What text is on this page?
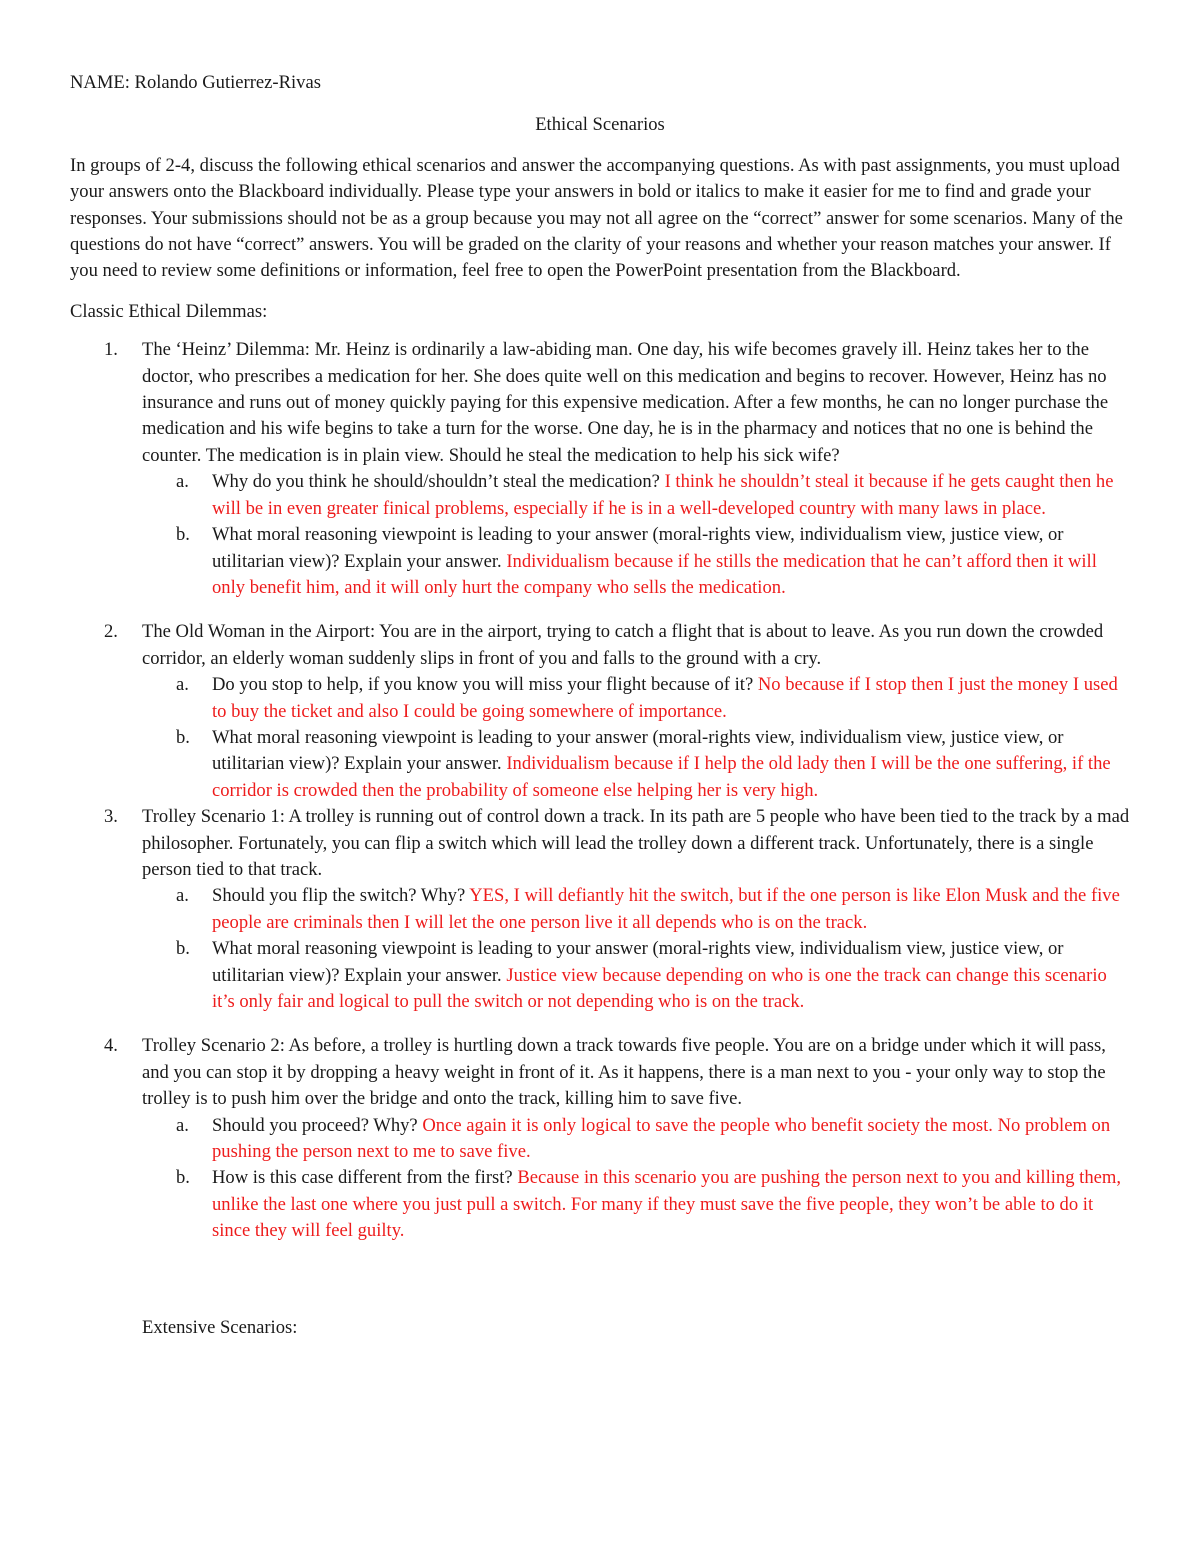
NAME: Rolando Gutierrez-Rivas

Ethical Scenarios

In groups of 2-4, discuss the following ethical scenarios and answer the accompanying questions. As with past assignments, you must upload your answers onto the Blackboard individually. Please type your answers in bold or italics to make it easier for me to find and grade your responses. Your submissions should not be as a group because you may not all agree on the “correct” answer for some scenarios. Many of the questions do not have “correct” answers. You will be graded on the clarity of your reasons and whether your reason matches your answer. If you need to review some definitions or information, feel free to open the PowerPoint presentation from the Blackboard.

Classic Ethical Dilemmas:

1. The ‘Heinz’ Dilemma: Mr. Heinz is ordinarily a law-abiding man. One day, his wife becomes gravely ill. Heinz takes her to the doctor, who prescribes a medication for her. She does quite well on this medication and begins to recover. However, Heinz has no insurance and runs out of money quickly paying for this expensive medication. After a few months, he can no longer purchase the medication and his wife begins to take a turn for the worse. One day, he is in the pharmacy and notices that no one is behind the counter. The medication is in plain view. Should he steal the medication to help his sick wife?
a. Why do you think he should/shouldn’t steal the medication? I think he shouldn’t steal it because if he gets caught then he will be in even greater finical problems, especially if he is in a well-developed country with many laws in place.
b. What moral reasoning viewpoint is leading to your answer (moral-rights view, individualism view, justice view, or utilitarian view)? Explain your answer. Individualism because if he stills the medication that he can’t afford then it will only benefit him, and it will only hurt the company who sells the medication.
2. The Old Woman in the Airport: You are in the airport, trying to catch a flight that is about to leave. As you run down the crowded corridor, an elderly woman suddenly slips in front of you and falls to the ground with a cry.
a. Do you stop to help, if you know you will miss your flight because of it? No because if I stop then I just the money I used to buy the ticket and also I could be going somewhere of importance.
b. What moral reasoning viewpoint is leading to your answer (moral-rights view, individualism view, justice view, or utilitarian view)? Explain your answer. Individualism because if I help the old lady then I will be the one suffering, if the corridor is crowded then the probability of someone else helping her is very high.
3. Trolley Scenario 1: A trolley is running out of control down a track. In its path are 5 people who have been tied to the track by a mad philosopher. Fortunately, you can flip a switch which will lead the trolley down a different track. Unfortunately, there is a single person tied to that track.
a. Should you flip the switch? Why? YES, I will defiantly hit the switch, but if the one person is like Elon Musk and the five people are criminals then I will let the one person live it all depends who is on the track.
b. What moral reasoning viewpoint is leading to your answer (moral-rights view, individualism view, justice view, or utilitarian view)? Explain your answer. Justice view because depending on who is one the track can change this scenario it’s only fair and logical to pull the switch or not depending who is on the track.
4. Trolley Scenario 2: As before, a trolley is hurtling down a track towards five people. You are on a bridge under which it will pass, and you can stop it by dropping a heavy weight in front of it. As it happens, there is a man next to you - your only way to stop the trolley is to push him over the bridge and onto the track, killing him to save five.
a. Should you proceed? Why? Once again it is only logical to save the people who benefit society the most. No problem on pushing the person next to me to save five.
b. How is this case different from the first? Because in this scenario you are pushing the person next to you and killing them, unlike the last one where you just pull a switch. For many if they must save the five people, they won’t be able to do it since they will feel guilty.

Extensive Scenarios:
